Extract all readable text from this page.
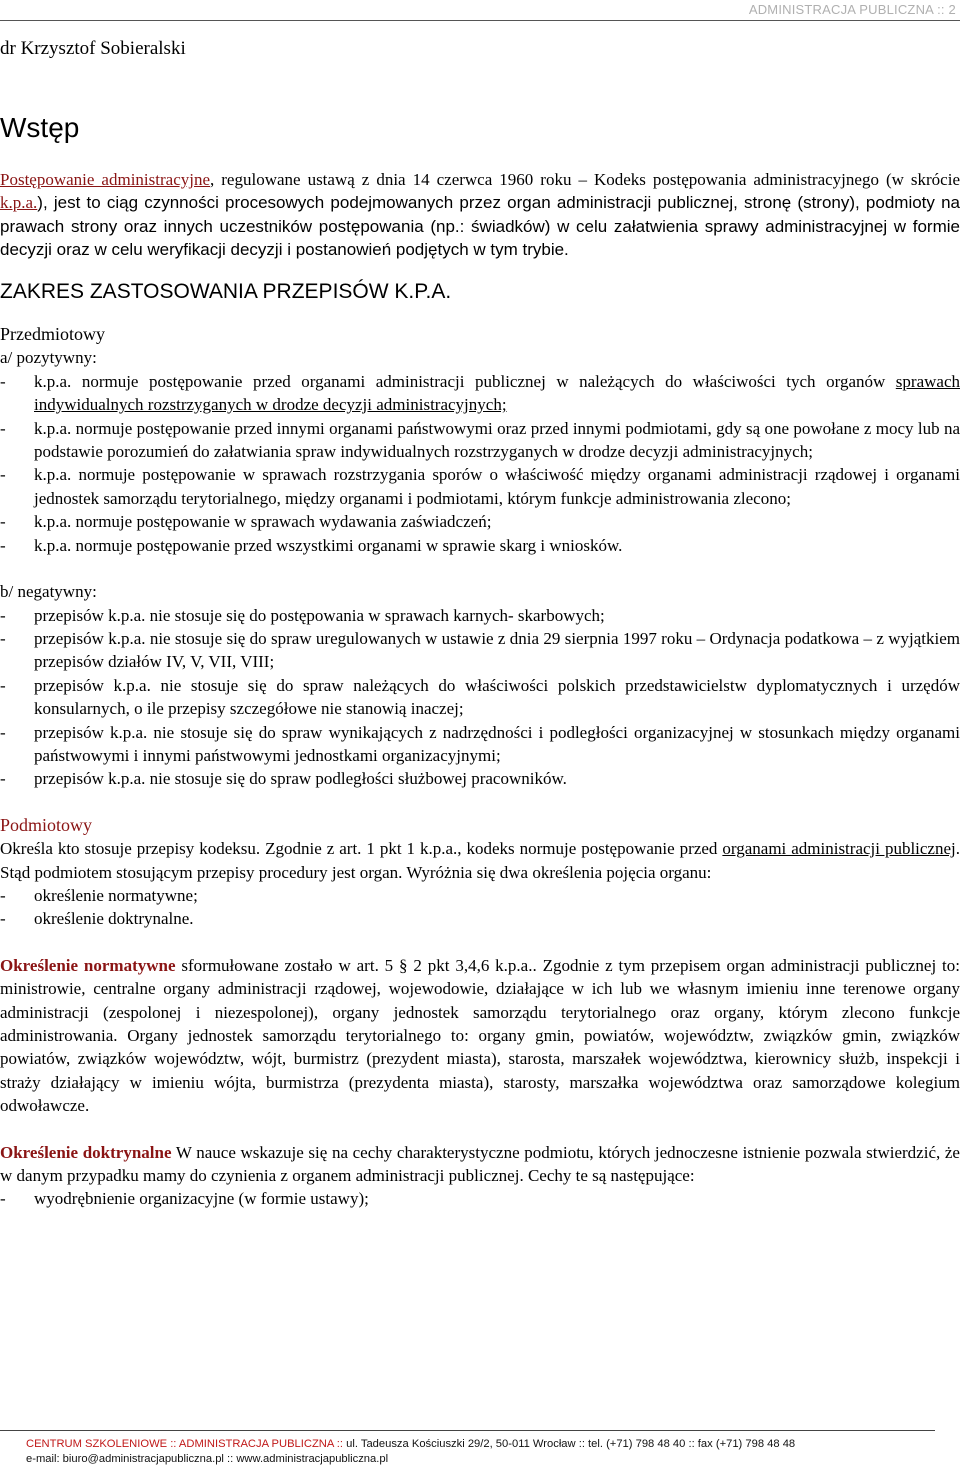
ADMINISTRACJA PUBLICZNA :: 2
dr Krzysztof Sobieralski
Wstęp

Postępowanie administracyjne, regulowane ustawą z dnia 14 czerwca 1960 roku – Kodeks postępowania administracyjnego (w skrócie k.p.a.), jest to ciąg czynności procesowych podejmowanych przez organ administracji publicznej, stronę (strony), podmioty na prawach strony oraz innych uczestników postępowania (np.: świadków) w celu załatwienia sprawy administracyjnej w formie decyzji oraz w celu weryfikacji decyzji i postanowień podjętych w tym trybie.

ZAKRES ZASTOSOWANIA PRZEPISÓW K.P.A.
Przedmiotowy
a/ pozytywny:
- k.p.a. normuje postępowanie przed organami administracji publicznej w należących do właściwości tych organów sprawach indywidualnych rozstrzyganych w drodze decyzji administracyjnych;
- k.p.a. normuje postępowanie przed innymi organami państwowymi oraz przed innymi podmiotami, gdy są one powołane z mocy lub na podstawie porozumień do załatwiania spraw indywidualnych rozstrzyganych w drodze decyzji administracyjnych;
- k.p.a. normuje postępowanie w sprawach rozstrzygania sporów o właściwość między organami administracji rządowej i organami jednostek samorządu terytorialnego, między organami i podmiotami, którym funkcje administrowania zlecono;
- k.p.a. normuje postępowanie w sprawach wydawania zaświadczeń;
- k.p.a. normuje postępowanie przed wszystkimi organami w sprawie skarg i wniosków.
b/ negatywny:
- przepisów k.p.a. nie stosuje się do postępowania w sprawach karnych- skarbowych;
- przepisów k.p.a. nie stosuje się do spraw uregulowanych w ustawie z dnia 29 sierpnia 1997 roku – Ordynacja podatkowa – z wyjątkiem przepisów działów IV, V, VII, VIII;
- przepisów k.p.a. nie stosuje się do spraw należących do właściwości polskich przedstawicielstw dyplomatycznych i urzędów konsularnych, o ile przepisy szczegółowe nie stanowią inaczej;
- przepisów k.p.a. nie stosuje się do spraw wynikających z nadrzędności i podległości organizacyjnej w stosunkach między organami państwowymi i innymi państwowymi jednostkami organizacyjnymi;
- przepisów k.p.a. nie stosuje się do spraw podległości służbowej pracowników.
Podmiotowy

Określa kto stosuje przepisy kodeksu. Zgodnie z art. 1 pkt 1 k.p.a., kodeks normuje postępowanie przed organami administracji publicznej. Stąd podmiotem stosującym przepisy procedury jest organ. Wyróżnia się dwa określenia pojęcia organu:

- określenie normatywne;
- określenie doktrynalne.

Określenie normatywne sformułowane zostało w art. 5 § 2 pkt 3,4,6 k.p.a.. Zgodnie z tym przepisem organ administracji publicznej to: ministrowie, centralne organy administracji rządowej, wojewodowie, działające w ich lub we własnym imieniu inne terenowe organy administracji (zespolonej i niezespolonej), organy jednostek samorządu terytorialnego oraz organy, którym zlecono funkcje administrowania. Organy jednostek samorządu terytorialnego to: organy gmin, powiatów, województw, związków gmin, związków powiatów, związków województw, wójt, burmistrz (prezydent miasta), starosta, marszałek województwa, kierownicy służb, inspekcji i straży działający w imieniu wójta, burmistrza (prezydenta miasta), starosty, marszałka województwa oraz samorządowe kolegium odwoławcze.

Określenie doktrynalne W nauce wskazuje się na cechy charakterystyczne podmiotu, których jednoczesne istnienie pozwala stwierdzić, że w danym przypadku mamy do czynienia z organem administracji publicznej. Cechy te są następujące:

- wyodrębnienie organizacyjne (w formie ustawy);
CENTRUM SZKOLENIOWE :: ADMINISTRACJA PUBLICZNA :: ul. Tadeusza Kościuszki 29/2, 50-011 Wrocław :: tel. (+71) 798 48 40 :: fax (+71) 798 48 48
e-mail: biuro@administracjapubliczna.pl :: www.administracjapubliczna.pl
